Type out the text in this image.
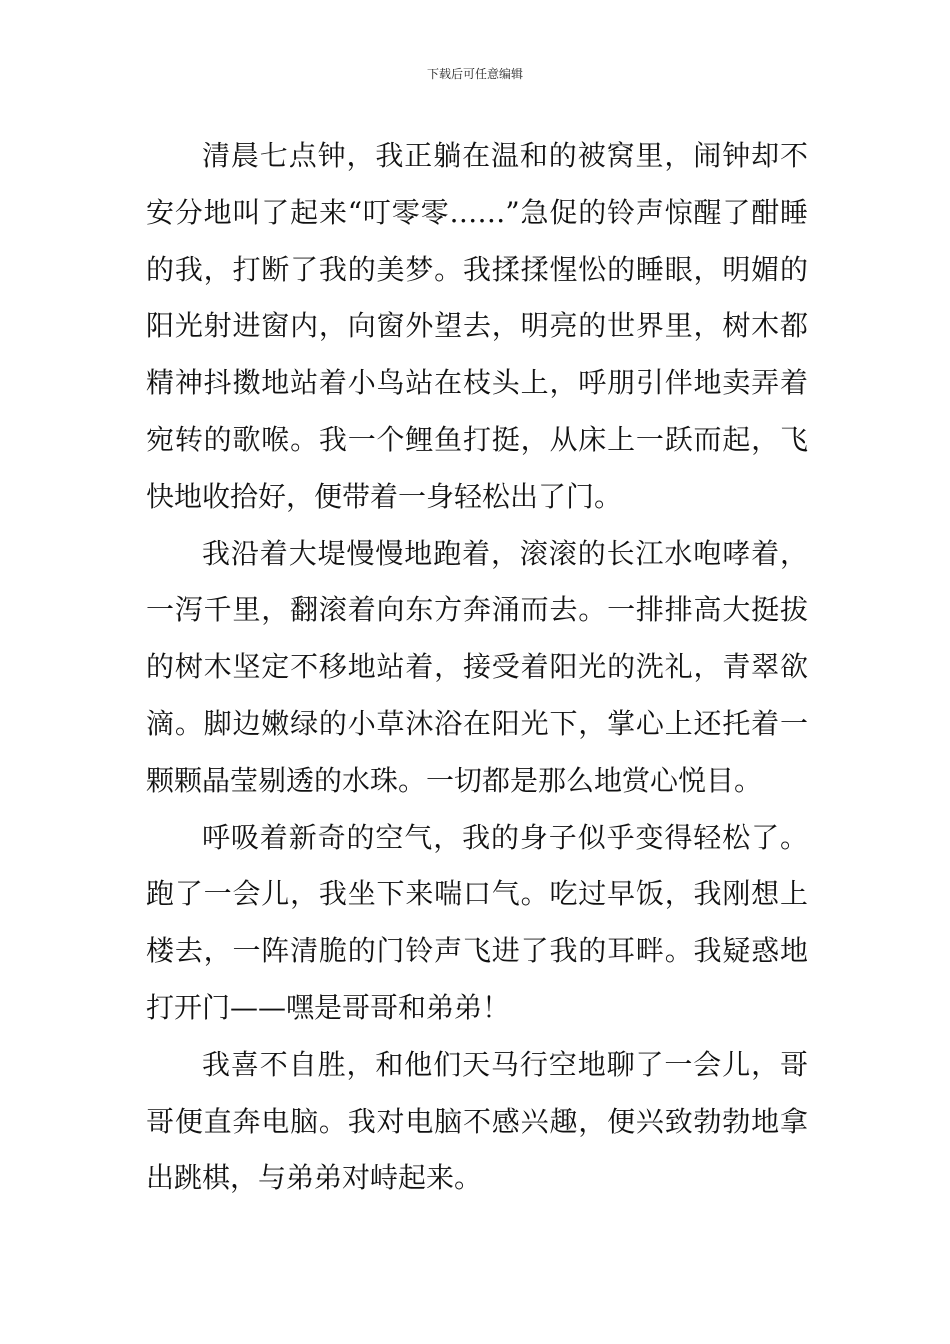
下载后可任意编辑

清晨七点钟，我正躺在温和的被窝里，闹钟却不安分地叫了起来“叮零零……”急促的铃声惊醒了酣睡的我，打断了我的美梦。我揉揉惺忪的睡眼，明媚的阳光射进窗内，向窗外望去，明亮的世界里，树木都精神抖擞地站着小鸟站在枝头上，呼朋引伴地卖弄着宛转的歌喉。我一个鲤鱼打挺，从床上一跃而起，飞快地收拾好，便带着一身轻松出了门。

我沿着大堤慢慢地跑着，滚滚的长江水咆哮着，一泻千里，翻滚着向东方奔涌而去。一排排高大挺拔的树木坚定不移地站着，接受着阳光的洗礼，青翠欲滴。脚边嫩绿的小草沐浴在阳光下，掌心上还托着一颗颗晶莹剔透的水珠。一切都是那么地赏心悦目。

呼吸着新奇的空气，我的身子似乎变得轻松了。跑了一会儿，我坐下来喘口气。吃过早饭，我刚想上楼去，一阵清脆的门铃声飞进了我的耳畔。我疑惑地打开门——嘿是哥哥和弟弟！

我喜不自胜，和他们天马行空地聊了一会儿，哥哥便直奔电脑。我对电脑不感兴趣，便兴致勃勃地拿出跳棋，与弟弟对峙起来。
